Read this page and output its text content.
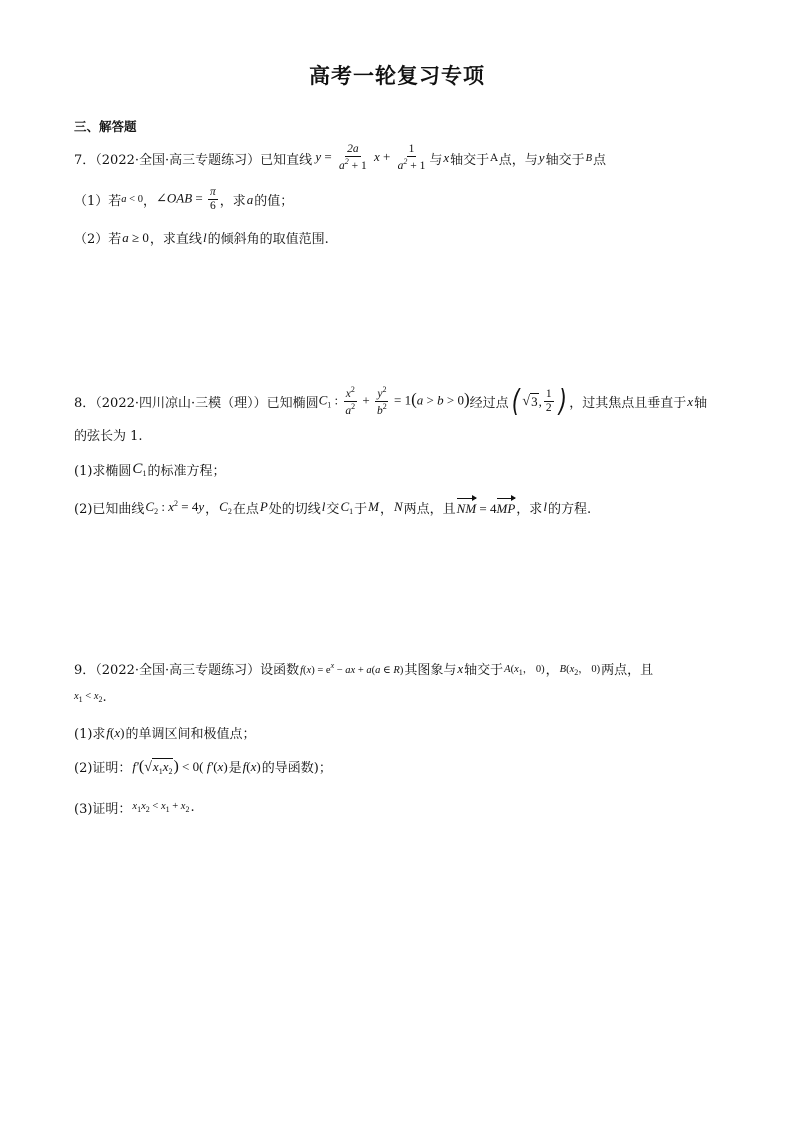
高考一轮复习专项
三、解答题
7．（2022·全国·高三专题练习）已知直线 $y = \frac{2a}{a^2 + 1}$ $x + \frac{1}{a^2 + 1}$ 与 x 轴交于 A 点，与 y 轴交于 B 点
（1）若 a < 0 ， ∠OAB = $\frac{\pi}{6}$ ，求 a 的值；
（2）若 a ≥ 0 ，求直线 l 的倾斜角的取值范围.
8．（2022·四川凉山·三模（理））已知椭圆 $C_1$ : $\frac{x^2}{a^2} + \frac{y^2}{b^2} = 1(a > b > 0)$ 经过点 ( √ 3 , $\frac{1}{2}$ ) ，过其焦点且垂直于 x 轴
的弦长为 1.
(1)求椭圆 $C_1$ 的标准方程；
(2)已知曲线 $C_2$ : $x^2 = 4y$ ， $C_2$ 在点 P 处的切线 l 交 $C_1$ 于 M ， N 两点，且 NM = 4MP ，求 l 的方程.
9．（2022·全国·高三专题练习）设函数 $f(x) = e^x$ − ax + a(a ∈ R) 其图象与 x 轴交于 $A(x_1$， 0) ， $B(x_2$， 0) 两点，且
$x_1 < x_2$ .
(1)求 f(x) 的单调区间和极值点；
(2)证明： f′( √ $x_1x_2$ ) < 0( f′(x) 是 f(x) 的导函数)；
(3)证明： $x_1x_2 < x_1 + x_2$ .
